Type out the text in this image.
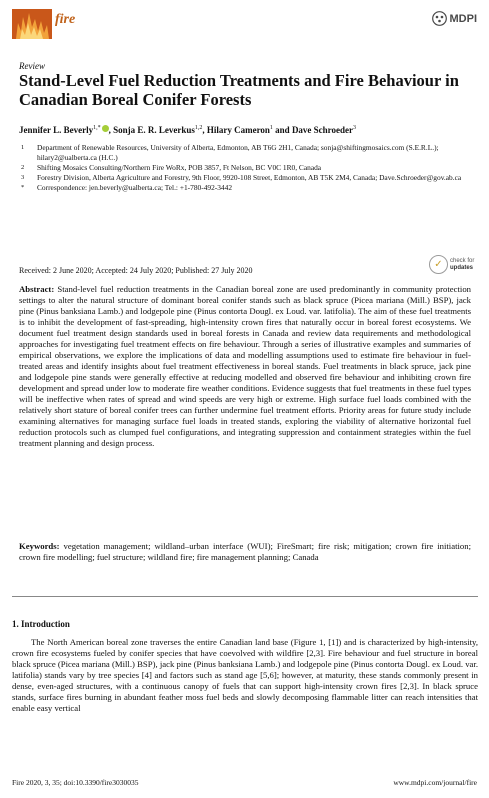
fire	MDPI
Review
Stand-Level Fuel Reduction Treatments and Fire Behaviour in Canadian Boreal Conifer Forests
Jennifer L. Beverly$^{1,*}$ , Sonja E. R. Leverkus$^{1,2}$, Hilary Cameron$^1$ and Dave Schroeder$^3$
1	Department of Renewable Resources, University of Alberta, Edmonton, AB T6G 2H1, Canada; sonja@shiftingmosaics.com (S.E.R.L.); hilary2@ualberta.ca (H.C.)
2	Shifting Mosaics Consulting/Northern Fire WoRx, POB 3857, Ft Nelson, BC V0C 1R0, Canada
3	Forestry Division, Alberta Agriculture and Forestry, 9th Floor, 9920-108 Street, Edmonton, AB T5K 2M4, Canada; Dave.Schroeder@gov.ab.ca
*	Correspondence: jen.beverly@ualberta.ca; Tel.: +1-780-492-3442
Received: 2 June 2020; Accepted: 24 July 2020; Published: 27 July 2020
✓	check for
updates
Abstract: Stand-level fuel reduction treatments in the Canadian boreal zone are used predominantly in community protection settings to alter the natural structure of dominant boreal conifer stands such as black spruce (Picea mariana (Mill.) BSP), jack pine (Pinus banksiana Lamb.) and lodgepole pine (Pinus contorta Dougl. ex Loud. var. latifolia). The aim of these fuel treatments is to inhibit the development of fast-spreading, high-intensity crown fires that naturally occur in boreal forest ecosystems. We document fuel treatment design standards used in boreal forests in Canada and review data requirements and methodological approaches for investigating fuel treatment effects on fire behaviour. Through a series of illustrative examples and summaries of empirical observations, we explore the implications of data and modelling assumptions used to estimate fire behaviour in fuel-treated areas and identify insights about fuel treatment effectiveness in boreal stands. Fuel treatments in black spruce, jack pine and lodgepole pine stands were generally effective at reducing modelled and observed fire behaviour and inhibiting crown fire development and spread under low to moderate fire weather conditions. Evidence suggests that fuel treatments in these fuel types will be ineffective when rates of spread and wind speeds are very high or extreme. High surface fuel loads combined with the relatively short stature of boreal conifer trees can further undermine fuel treatment efforts. Priority areas for future study include examining alternatives for managing surface fuel loads in treated stands, exploring the viability of alternative horizontal fuel reduction protocols such as clumped fuel configurations, and integrating suppression and containment strategies within the fuel treatment planning and design process.
Keywords: vegetation management; wildland–urban interface (WUI); FireSmart; fire risk; mitigation; crown fire initiation; crown fire modelling; fuel structure; wildland fire; fire management planning; Canada
1. Introduction
The North American boreal zone traverses the entire Canadian land base (Figure 1, [1]) and is characterized by high-intensity, crown fire ecosystems fueled by conifer species that have coevolved with wildfire [2,3]. Fire behaviour and fuel structure in boreal black spruce (Picea mariana (Mill.) BSP), jack pine (Pinus banksiana Lamb.) and lodgepole pine (Pinus contorta Dougl. ex Loud. var. latifolia) stands vary by tree species [4] and factors such as stand age [5,6]; however, at maturity, these stands commonly present in dense, even-aged structures, with a continuous canopy of fuels that can support high-intensity crown fires [2,3]. In black spruce stands, surface fires burning in abundant feather moss fuel beds and slowly decomposing flammable litter can reach intensities that enable easy vertical
Fire 2020, 3, 35; doi:10.3390/fire3030035	www.mdpi.com/journal/fire
